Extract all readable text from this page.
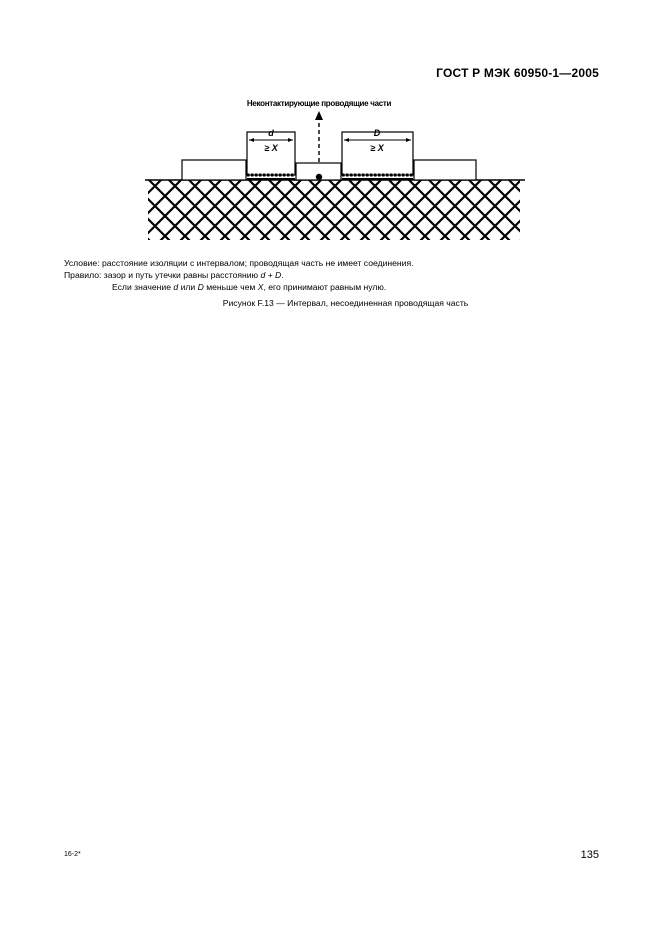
ГОСТ Р МЭК 60950-1—2005
Неконтактирующие проводящие части
d
≥ X
D
≥ X
Условие: расстояние изоляции с интервалом; проводящая часть не имеет соединения.
Правило: зазор и путь утечки равны расстоянию d + D.
Если значение d или D меньше чем X, его принимают равным нулю.
Рисунок F.13 — Интервал, несоединенная проводящая часть
16-2*	135
